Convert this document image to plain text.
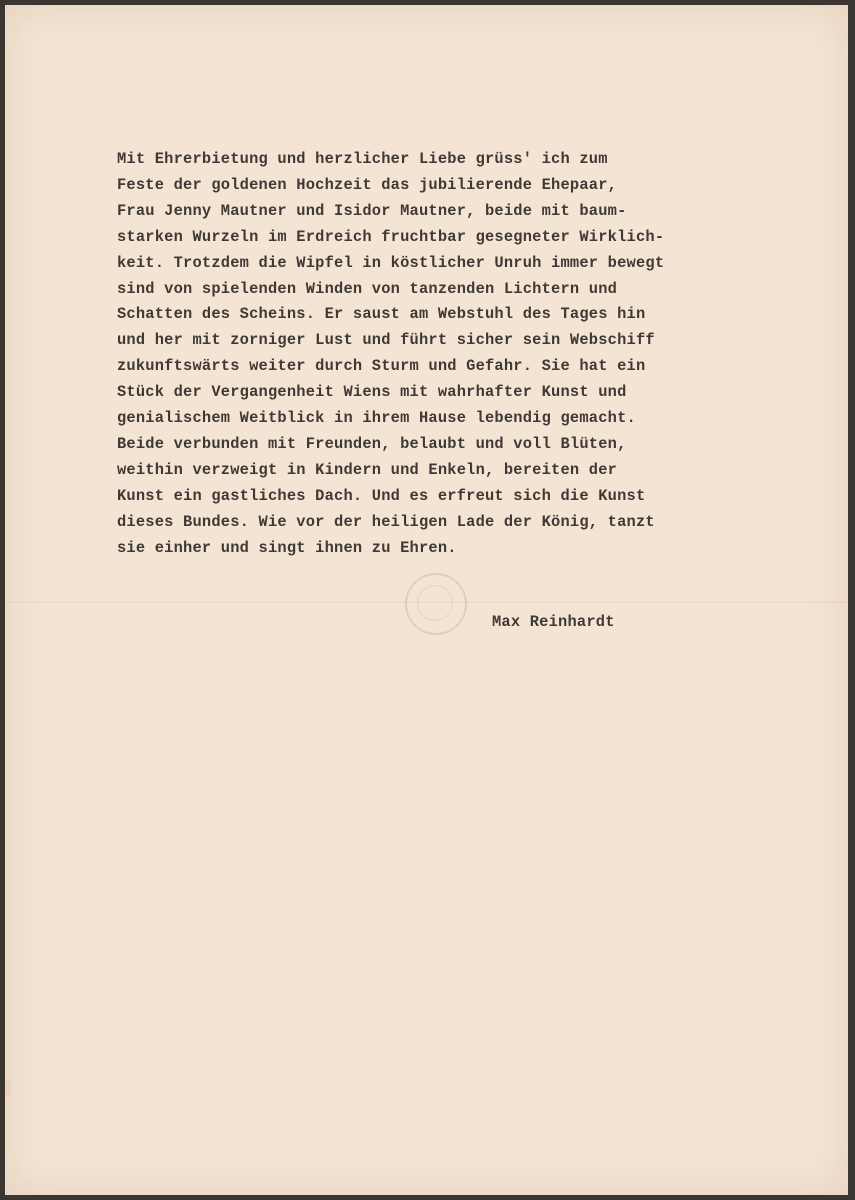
Mit Ehrerbietung und herzlicher Liebe grüss' ich zum
Feste der goldenen Hochzeit das jubilierende Ehepaar,
Frau Jenny Mautner und Isidor Mautner, beide mit baum-
starken Wurzeln im Erdreich fruchtbar gesegneter Wirklich-
keit. Trotzdem die Wipfel in köstlicher Unruh immer bewegt
sind von spielenden Winden von tanzenden Lichtern und
Schatten des Scheins. Er saust am Webstuhl des Tages hin
und her mit zorniger Lust und führt sicher sein Webschiff
zukunftswärts weiter durch Sturm und Gefahr. Sie hat ein
Stück der Vergangenheit Wiens mit wahrhafter Kunst und
genialischem Weitblick in ihrem Hause lebendig gemacht.
Beide verbunden mit Freunden, belaubt und voll Blüten,
weithin verzweigt in Kindern und Enkeln, bereiten der
Kunst ein gastliches Dach. Und es erfreut sich die Kunst
dieses Bundes. Wie vor der heiligen Lade der König, tanzt
sie einher und singt ihnen zu Ehren.
Max Reinhardt
